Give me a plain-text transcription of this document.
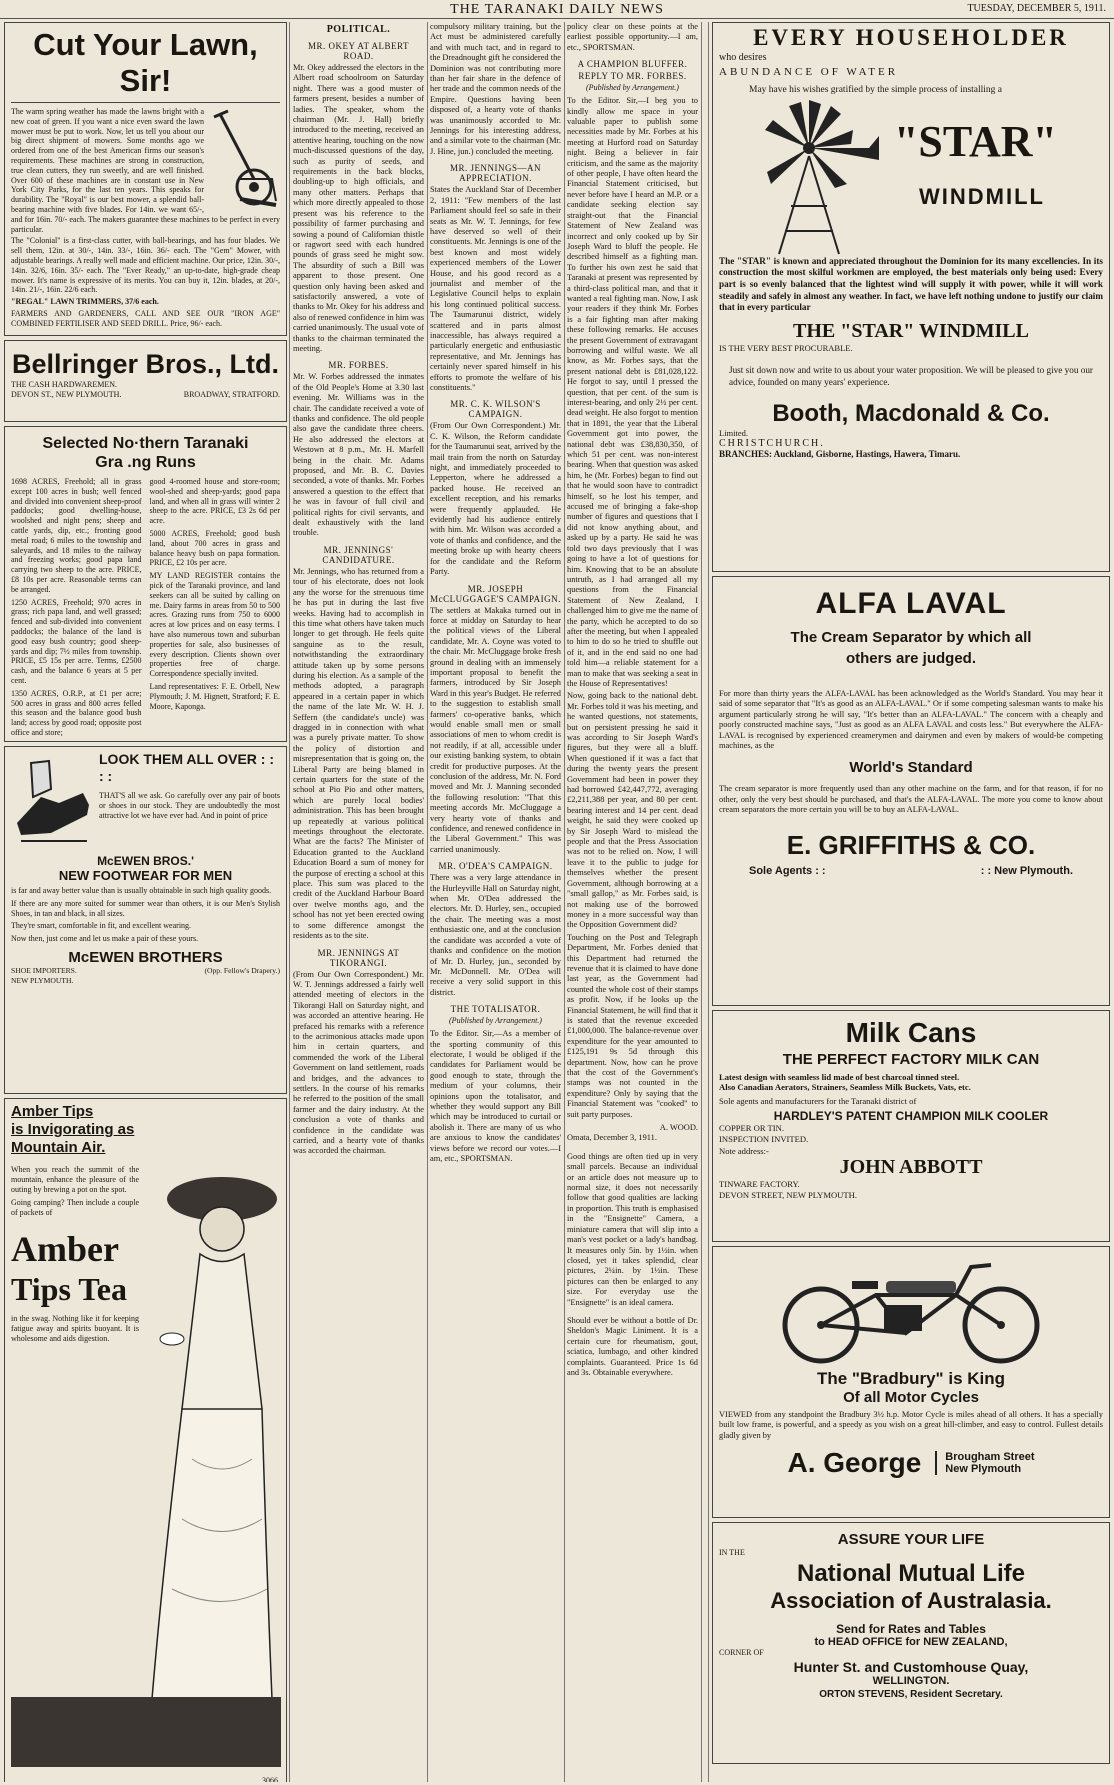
THE TARANAKI DAILY NEWS	TUESDAY, DECEMBER 5, 1911.
Cut Your Lawn, Sir!

The warm spring weather has made the lawns bright with a new coat of green. If you want a nice even sward the lawn mower must be put to work. Now, let us tell you about our big direct shipment of mowers. Some months ago we ordered from one of the best American firms our season's requirements. These machines are strong in construction, true clean cutters, they run sweetly, and are well finished. Over 600 of these machines are in constant use in New York City Parks, for the last ten years. This speaks for durability. The "Royal" is our best mower, a splendid ball-bearing machine with five blades. For 14in. we want 65/-, and for 16in. 70/- each. The makers guarantee these machines to be perfect in every particular.

The "Colonial" is a first-class cutter, with ball-bearings, and has four blades. We sell them, 12in. at 30/-, 14in. 33/-, 16in. 36/- each. The "Gem" Mower, with adjustable bearings. A really well made and efficient machine. Our price, 12in. 30/-, 14in. 32/6, 16in. 35/- each. The "Ever Ready," an up-to-date, high-grade cheap mower. It's name is expressive of its merits. You can buy it, 12in. blades, at 20/-, 14in. 21/-, 16in. 22/6 each.

"REGAL" LAWN TRIMMERS, 37/6 each.

FARMERS AND GARDENERS, CALL AND SEE OUR "IRON AGE" COMBINED FERTILISER AND SEED DRILL. Price, 96/- each.

Bellringer Bros., Ltd.
THE CASH HARDWAREMEN.
DEVON ST., NEW PLYMOUTH.	BROADWAY, STRATFORD.
Selected No·thern Taranaki Gra .ng Runs

1698 ACRES, Freehold; all in grass except 100 acres in bush; well fenced and divided into convenient sheep-proof paddocks; good dwelling-house, woolshed and night pens; sheep and cattle yards, dip, etc.; fronting good metal road; 6 miles to the township and saleyards, and 18 miles to the railway and freezing works; good papa land carrying two sheep to the acre. PRICE, £8 10s per acre. Reasonable terms can be arranged.

1250 ACRES, Freehold; 970 acres in grass; rich papa land, and well grassed; fenced and sub-divided into convenient paddocks; the balance of the land is good easy bush country; good sheep-yards and dip; 7½ miles from township. PRICE, £5 15s per acre. Terms, £2500 cash, and the balance 6 years at 5 per cent.

1350 ACRES, O.R.P., at £1 per acre; 500 acres in grass and 800 acres felled this season and the balance good bush land; access by good road; opposite post office and store;

good 4-roomed house and store-room; wool-shed and sheep-yards; good papa land, and when all in grass will winter 2 sheep to the acre. PRICE, £3 2s 6d per acre.

5000 ACRES, Freehold; good bush land, about 700 acres in grass and balance heavy bush on papa formation. PRICE, £2 10s per acre.

MY LAND REGISTER contains the pick of the Taranaki province, and land seekers can all be suited by calling on me. Dairy farms in areas from 50 to 500 acres. Grazing runs from 750 to 6000 acres at low prices and on easy terms. I have also numerous town and suburban properties for sale, also businesses of every description. Clients shown over properties free of charge. Correspondence specially invited.

Land representatives: F. E. Orbell, New Plymouth; J. M. Hignett, Stratford; F. E. Moore, Kaponga.

LOOK THEM ALL OVER : : : :

THAT'S all we ask. Go carefully over any pair of boots or shoes in our stock. They are undoubtedly the most attractive lot we have ever had. And in point of price

McEWEN BROS.'
NEW FOOTWEAR FOR MEN

is far and away better value than is usually obtainable in such high quality goods.

If there are any more suited for summer wear than others, it is our Men's Stylish Shoes, in tan and black, in all sizes.

They're smart, comfortable in fit, and excellent wearing.

Now then, just come and let us make a pair of these yours.

McEWEN BROTHERS
SHOE IMPORTERS.	(Opp. Fellow's Drapery.)
NEW PLYMOUTH.
Amber Tips
is Invigorating as
Mountain Air.

When you reach the summit of the mountain, enhance the pleasure of the outing by brewing a pot on the spot.

Going camping? Then include a couple of packets of

Amber
Tips Tea

in the swag. Nothing like it for keeping fatigue away and spirits buoyant. It is wholesome and aids digestion.

3066
POLITICAL.
MR. OKEY AT ALBERT ROAD.

Mr. Okey addressed the electors in the Albert road schoolroom on Saturday night. There was a good muster of farmers present, besides a number of ladies. The speaker, whom the chairman (Mr. J. Hall) briefly introduced to the meeting, received an attentive hearing, touching on the now much-discussed questions of the day, such as purity of seeds, and requirements in the back blocks, doubling-up to high officials, and many other matters. Perhaps that which more directly appealed to those present was his reference to the possibility of farmer purchasing and sowing a pound of Californian thistle or ragwort seed with each hundred pounds of grass seed he might sow. The absurdity of such a Bill was apparent to those present. One question only having been asked and satisfactorily answered, a vote of thanks to Mr. Okey for his address and also of renewed confidence in him was carried unanimously. The usual vote of thanks to the chairman terminated the meeting.

MR. FORBES.

Mr. W. Forbes addressed the inmates of the Old People's Home at 3.30 last evening. Mr. Williams was in the chair. The candidate received a vote of thanks and confidence. The old people also gave the candidate three cheers. He also addressed the electors at Westown at 8 p.m., Mr. H. Marfell being in the chair. Mr. Adams proposed, and Mr. B. C. Davies seconded, a vote of thanks. Mr. Forbes answered a question to the effect that he was in favour of full civil and political rights for civil servants, and dealt exhaustively with the land trouble.

MR. JENNINGS' CANDIDATURE.

Mr. Jennings, who has returned from a tour of his electorate, does not look any the worse for the strenuous time he has put in during the last five weeks. Having had to accomplish in this time what others have taken much longer to get through. He feels quite sanguine as to the result, notwithstanding the extraordinary attitude taken up by some persons during his election. As a sample of the methods adopted, a paragraph appeared in a certain paper in which the name of the late Mr. W. H. J. Seffern (the candidate's uncle) was dragged in in connection with what was a purely private matter. To show the policy of distortion and misrepresentation that is going on, the Liberal Party are being blamed in certain quarters for the state of the school at Pio Pio and other matters, which are purely local bodies' administration. This has been brought up repeatedly at various political meetings throughout the electorate. What are the facts? The Minister of Education granted to the Auckland Education Board a sum of money for the purpose of erecting a school at this place. This sum was placed to the credit of the Auckland Harbour Board over twelve months ago, and the school has not yet been erected owing to some difference amongst the residents as to the site.

MR. JENNINGS AT TIKORANGI.

(From Our Own Correspondent.) Mr. W. T. Jennings addressed a fairly well attended meeting of electors in the Tikorangi Hall on Saturday night, and was accorded an attentive hearing. He prefaced his remarks with a reference to the acrimonious attacks made upon him in certain quarters, and commended the work of the Liberal Government on land settlement, roads and bridges, and the advances to settlers. In the course of his remarks he referred to the position of the small farmer and the dairy industry. At the conclusion a vote of thanks and confidence in the candidate was carried, and a hearty vote of thanks was accorded the chairman.

compulsory military training, but the Act must be administered carefully and with much tact, and in regard to the Dreadnought gift he considered the Dominion was not contributing more than her fair share in the defence of her trade and the common needs of the Empire. Questions having been disposed of, a hearty vote of thanks was unanimously accorded to Mr. Jennings for his interesting address, and a similar vote to the chairman (Mr. J. Hine, jun.) concluded the meeting.

MR. JENNINGS—AN APPRECIATION.

States the Auckland Star of December 2, 1911: "Few members of the last Parliament should feel so safe in their seats as Mr. W. T. Jennings, for few have deserved so well of their constituents. Mr. Jennings is one of the best known and most widely experienced members of the Lower House, and his good record as a journalist and member of the Legislative Council helps to explain his long continued political success. The Taumarunui district, widely scattered and in parts almost inaccessible, has always required a particularly energetic and enthusiastic representative, and Mr. Jennings has certainly never spared himself in his efforts to promote the welfare of his constituents."

MR. C. K. WILSON'S CAMPAIGN.

(From Our Own Correspondent.) Mr. C. K. Wilson, the Reform candidate for the Taumarunui seat, arrived by the mail train from the north on Saturday night, and immediately proceeded to Lepperton, where he addressed a packed house. He received an excellent reception, and his remarks were frequently applauded. He evidently had his audience entirely with him. Mr. Wilson was accorded a vote of thanks and confidence, and the meeting broke up with hearty cheers for the candidate and the Reform Party.

MR. JOSEPH McCLUGGAGE'S CAMPAIGN.

The settlers at Makaka turned out in force at midday on Saturday to hear the political views of the Liberal candidate, Mr. A. Coyne was voted to the chair. Mr. McCluggage broke fresh ground in dealing with an immensely important proposal to benefit the farmers, introduced by Sir Joseph Ward in this year's Budget. He referred to the suggestion to establish small farmers' co-operative banks, which would enable small men or small associations of men to whom credit is not readily, if at all, accessible under our existing banking system, to obtain credit for productive purposes. At the conclusion of the address, Mr. N. Ford moved and Mr. J. Manning seconded the following resolution: "That this meeting accords Mr. McCluggage a very hearty vote of thanks and confidence, and renewed confidence in the Liberal Government." This was carried unanimously.

MR. O'DEA'S CAMPAIGN.

There was a very large attendance in the Hurleyville Hall on Saturday night, when Mr. O'Dea addressed the electors. Mr. D. Hurley, sen., occupied the chair. The meeting was a most enthusiastic one, and at the conclusion the candidate was accorded a vote of thanks and confidence on the motion of Mr. D. Hurley, jun., seconded by Mr. McDonnell. Mr. O'Dea will receive a very solid support in this district.

THE TOTALISATOR.
(Published by Arrangement.)

To the Editor. Sir,—As a member of the sporting community of this electorate, I would be obliged if the candidates for Parliament would be good enough to state, through the medium of your columns, their opinions upon the totalisator, and whether they would support any Bill which may be introduced to curtail or abolish it. There are many of us who are anxious to know the candidates' views before we record our votes.—I am, etc., SPORTSMAN.

policy clear on these points at the earliest possible opportunity.—I am, etc., SPORTSMAN.

A CHAMPION BLUFFER.
REPLY TO MR. FORBES.
(Published by Arrangement.)

To the Editor. Sir,—I beg you to kindly allow me space in your valuable paper to publish some necessities made by Mr. Forbes at his meeting at Hurford road on Saturday night. Being a believer in fair criticism, and the same as the majority of other people, I have often heard the Financial Statement criticised, but never before have I heard an M.P. or a candidate seeking election say straight-out that the Financial Statement of New Zealand was incorrect and only cooked up by Sir Joseph Ward to bluff the people. He described himself as a fighting man. To further his own zest he said that Taranaki at present was represented by a third-class political man, and that it wanted a real fighting man. Now, I ask your readers if they think Mr. Forbes is a fair fighting man after making these following remarks. He accuses the present Government of extravagant borrowing and wilful waste. We all know, as Mr. Forbes says, that the present national debt is £81,028,122. He forgot to say, until I pressed the question, that per cent. of the sum is interest-bearing, and only 2½ per cent. dead weight. He also forgot to mention that in 1891, the year that the Liberal Government got into power, the national debt was £38,830,350, of which 51 per cent. was non-interest bearing. When that question was asked him, he (Mr. Forbes) began to find out that he would soon have to contradict himself, so he lost his temper, and accused me of bringing a fake-shop number of figures and questions that I did not know anything about, and asked up by a party. He said he was told two days previously that I was going to have a lot of questions for him. Knowing that to be an absolute untruth, as I had arranged all my questions from the Financial Statement of New Zealand, I challenged him to give me the name of the party, which he accepted to do so after the meeting, but when I appealed to him to do so he tried to shuffle out of it, and in the end said no one had told him—a reliable statement for a man to make that was seeking a seat in the House of Representatives!

Now, going back to the national debt. Mr. Forbes told it was his meeting, and he wanted questions, not statements, but on persistent pressing he said it was according to Sir Joseph Ward's figures, but they were all a bluff. When questioned if it was a fact that during the twenty years the present Government had been in power they had borrowed £42,447,772, averaging £2,211,388 per year, and 80 per cent. bearing interest and 14 per cent. dead weight, he said they were cooked up by Sir Joseph Ward to mislead the people and that the Press Association was not to be relied on. Now, I will leave it to the public to judge for themselves whether the present Government, although borrowing at a "small gallop," as Mr. Forbes said, is not making use of the borrowed money in a more successful way than the Opposition Government did?

Touching on the Post and Telegraph Department, Mr. Forbes denied that this Department had returned the revenue that it is claimed to have done last year, as the Government had counted the whole cost of their stamps as profit. Now, if he looks up the Financial Statement, he will find that it is stated that the revenue exceeded £1,000,000. The balance-revenue over expenditure for the year amounted to £125,191 9s 5d through this department. Now, how can he prove that the cost of the Government's stamps was not counted in the expenditure? Only by saying that the Financial Statement was "cooked" to suit party purposes.

A. WOOD.
Omata, December 3, 1911.

Good things are often tied up in very small parcels. Because an individual or an article does not measure up to normal size, it does not necessarily follow that good qualities are lacking in proportion. This truth is emphasised in the "Ensignette" Camera, a miniature camera that will slip into a man's vest pocket or a lady's handbag. It measures only 5in. by 1½in. when closed, yet it takes splendid, clear pictures, 2¼in. by 1½in. These pictures can then be enlarged to any size. For everyday use the "Ensignette" is an ideal camera.

Should ever be without a bottle of Dr. Sheldon's Magic Liniment. It is a certain cure for rheumatism, gout, sciatica, lumbago, and other kindred complaints. Guaranteed. Price 1s 6d and 3s. Obtainable everywhere.

EVERY HOUSEHOLDER
who desires
ABUNDANCE OF WATER
May have his wishes gratified by the simple process of installing a
"STAR"
WINDMILL

The "STAR" is known and appreciated throughout the Dominion for its many excellencies. In its construction the most skilful workmen are employed, the best materials only being used: Every part is so evenly balanced that the lightest wind will supply it with power, while it will work steadily and safely in almost any weather. In fact, we have left nothing undone to justify our claim that in every particular

THE "STAR" WINDMILL
IS THE VERY BEST PROCURABLE.

Just sit down now and write to us about your water proposition. We will be pleased to give you our advice, founded on many years' experience.

Booth, Macdonald & Co.
Limited.
CHRISTCHURCH.
BRANCHES: Auckland, Gisborne, Hastings, Hawera, Timaru.
ALFA LAVAL
The Cream Separator by which all
others are judged.

For more than thirty years the ALFA-LAVAL has been acknowledged as the World's Standard. You may hear it said of some separator that "It's as good as an ALFA-LAVAL." Or if some competing salesman wants to make his argument particularly strong he will say, "It's better than an ALFA-LAVAL." The concern with a cheaply and poorly constructed machine says, "Just as good as an ALFA LAVAL and costs less." But everywhere the ALFA-LAVAL is recognised by experienced creamerymen and dairymen and even by makers of would-be competing machines, as the

World's Standard

The cream separator is more frequently used than any other machine on the farm, and for that reason, if for no other, only the very best should be purchased, and that's the ALFA-LAVAL. The more you come to know about cream separators the more certain you will be to buy an ALFA-LAVAL.

E. GRIFFITHS & CO.
Sole Agents : :	: : New Plymouth.
Milk Cans
THE PERFECT FACTORY MILK CAN
Latest design with seamless lid made of best charcoal tinned steel.
Also Canadian Aerators, Strainers, Seamless Milk Buckets, Vats, etc.
Sole agents and manufacturers for the Taranaki district of
HARDLEY'S PATENT CHAMPION MILK COOLER
COPPER OR TIN.
INSPECTION INVITED.
Note address:-
JOHN ABBOTT
TINWARE FACTORY.
DEVON STREET, NEW PLYMOUTH.
The "Bradbury" is King
Of all Motor Cycles

VIEWED from any standpoint the Bradbury 3½ h.p. Motor Cycle is miles ahead of all others. It has a specially built low frame, is powerful, and a speedy as you wish on a great hill-climber, and easy to control. Fullest details gladly given by

A. George Brougham Street
New Plymouth
ASSURE YOUR LIFE
IN THE
National Mutual Life
Association of Australasia.
Send for Rates and Tables
to HEAD OFFICE for NEW ZEALAND,
CORNER OF
Hunter St. and Customhouse Quay,
WELLINGTON.
ORTON STEVENS, Resident Secretary.
